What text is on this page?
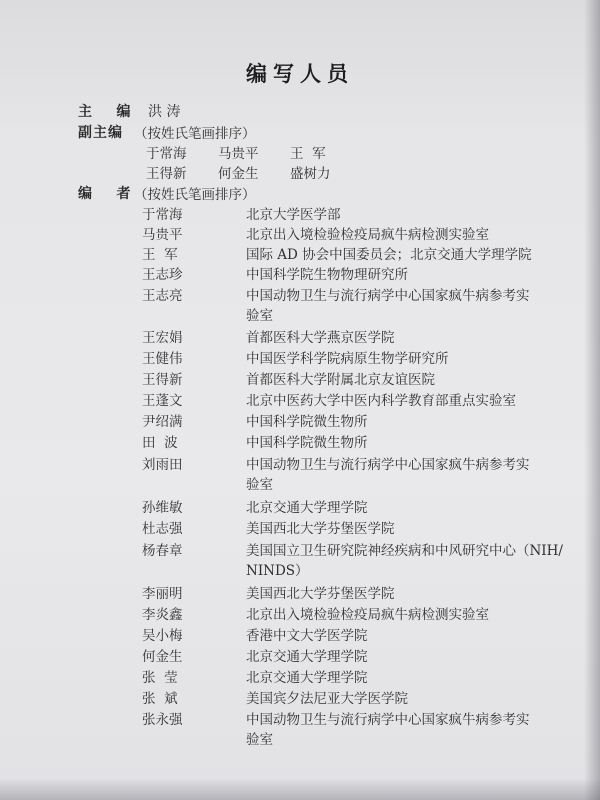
编写人员
主    编 洪 涛
副主编 （按姓氏笔画排序）
于常海 马贵平 王  军
王得新 何金生 盛树力
编    者 （按姓氏笔画排序）
于常海	北京大学医学部
马贵平	北京出入境检验检疫局疯牛病检测实验室
王  军	国际 AD 协会中国委员会；北京交通大学理学院
王志珍	中国科学院生物物理研究所
王志亮	中国动物卫生与流行病学中心国家疯牛病参考实
验室
王宏娟	首都医科大学燕京医学院
王健伟	中国医学科学院病原生物学研究所
王得新	首都医科大学附属北京友谊医院
王蓬文	北京中医药大学中医内科学教育部重点实验室
尹绍满	中国科学院微生物所
田  波	中国科学院微生物所
刘雨田	中国动物卫生与流行病学中心国家疯牛病参考实
验室
孙维敏	北京交通大学理学院
杜志强	美国西北大学芬堡医学院
杨春章	美国国立卫生研究院神经疾病和中风研究中心（NIH/
NINDS）
李丽明	美国西北大学芬堡医学院
李炎鑫	北京出入境检验检疫局疯牛病检测实验室
吴小梅	香港中文大学医学院
何金生	北京交通大学理学院
张  莹	北京交通大学理学院
张  斌	美国宾夕法尼亚大学医学院
张永强	中国动物卫生与流行病学中心国家疯牛病参考实
验室
